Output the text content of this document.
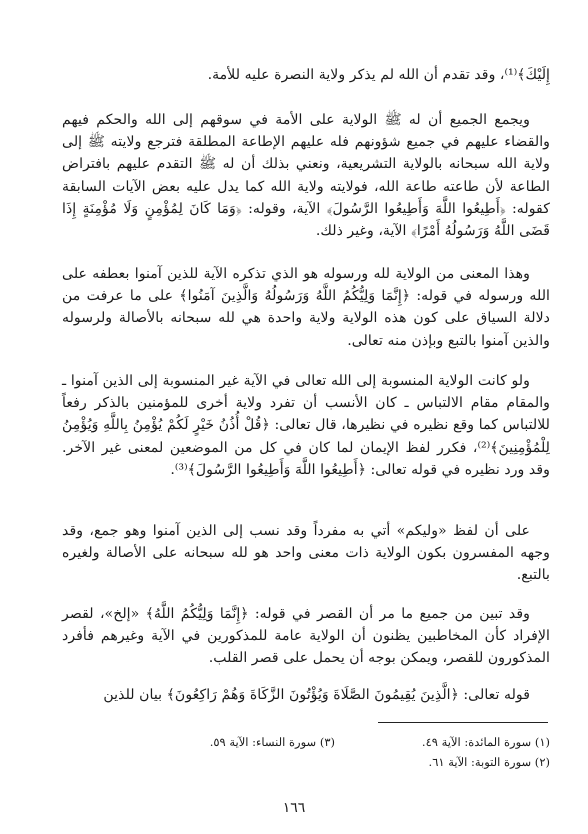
إِلَيْكَ﴾⁽¹⁾، وقد تقدم أن الله لم يذكر ولاية النصرة عليه للأمة.
ويجمع الجميع أن له ﷺ الولاية على الأمة في سوقهم إلى الله والحكم فيهم والقضاء عليهم في جميع شؤونهم فله عليهم الإطاعة المطلقة فترجع ولايته ﷺ إلى ولاية الله سبحانه بالولاية التشريعية، ونعني بذلك أن له ﷺ التقدم عليهم بافتراض الطاعة لأن طاعته طاعة الله، فولايته ولاية الله كما يدل عليه بعض الآيات السابقة كقوله: ﴿أَطِيعُوا اللَّهَ وَأَطِيعُوا الرَّسُولَ﴾ الآية، وقوله: ﴿وَمَا كَانَ لِمُؤْمِنٍ وَلَا مُؤْمِنَةٍ إِذَا قَضَى اللَّهُ وَرَسُولُهُ أَمْرًا﴾ الآية، وغير ذلك.
وهذا المعنى من الولاية لله ورسوله هو الذي تذكره الآية للذين آمنوا بعطفه على الله ورسوله في قوله: ﴿إِنَّمَا وَلِيُّكُمُ اللَّهُ وَرَسُولُهُ وَالَّذِينَ آمَنُوا﴾ على ما عرفت من دلالة السياق على كون هذه الولاية ولاية واحدة هي لله سبحانه بالأصالة ولرسوله والذين آمنوا بالتبع وبإذن منه تعالى.
ولو كانت الولاية المنسوبة إلى الله تعالى في الآية غير المنسوبة إلى الذين آمنوا ـ والمقام مقام الالتباس ـ كان الأنسب أن تفرد ولاية أخرى للمؤمنين بالذكر رفعاً للالتباس كما وقع نظيره في نظيرها، قال تعالى: ﴿قُلْ أُذُنُ خَيْرٍ لَكُمْ يُؤْمِنُ بِاللَّهِ وَيُؤْمِنُ لِلْمُؤْمِنِينَ﴾⁽²⁾، فكرر لفظ الإيمان لما كان في كل من الموضعين لمعنى غير الآخر. وقد ورد نظيره في قوله تعالى: ﴿أَطِيعُوا اللَّهَ وَأَطِيعُوا الرَّسُولَ﴾⁽³⁾.
على أن لفظ «وليكم» أتي به مفرداً وقد نسب إلى الذين آمنوا وهو جمع، وقد وجهه المفسرون بكون الولاية ذات معنى واحد هو لله سبحانه على الأصالة ولغيره بالتبع.
وقد تبين من جميع ما مر أن القصر في قوله: ﴿إِنَّمَا وَلِيُّكُمُ اللَّهُ﴾ «إلخ»، لقصر الإفراد كأن المخاطبين يظنون أن الولاية عامة للمذكورين في الآية وغيرهم فأفرد المذكورون للقصر، ويمكن بوجه أن يحمل على قصر القلب.
قوله تعالى: ﴿الَّذِينَ يُقِيمُونَ الصَّلَاةَ وَيُؤْتُونَ الزَّكَاةَ وَهُمْ رَاكِعُونَ﴾ بيان للذين
(١) سورة المائدة: الآية ٤٩.
(٣) سورة النساء: الآية ٥٩.
(٢) سورة التوبة: الآية ٦١.
١٦٦
